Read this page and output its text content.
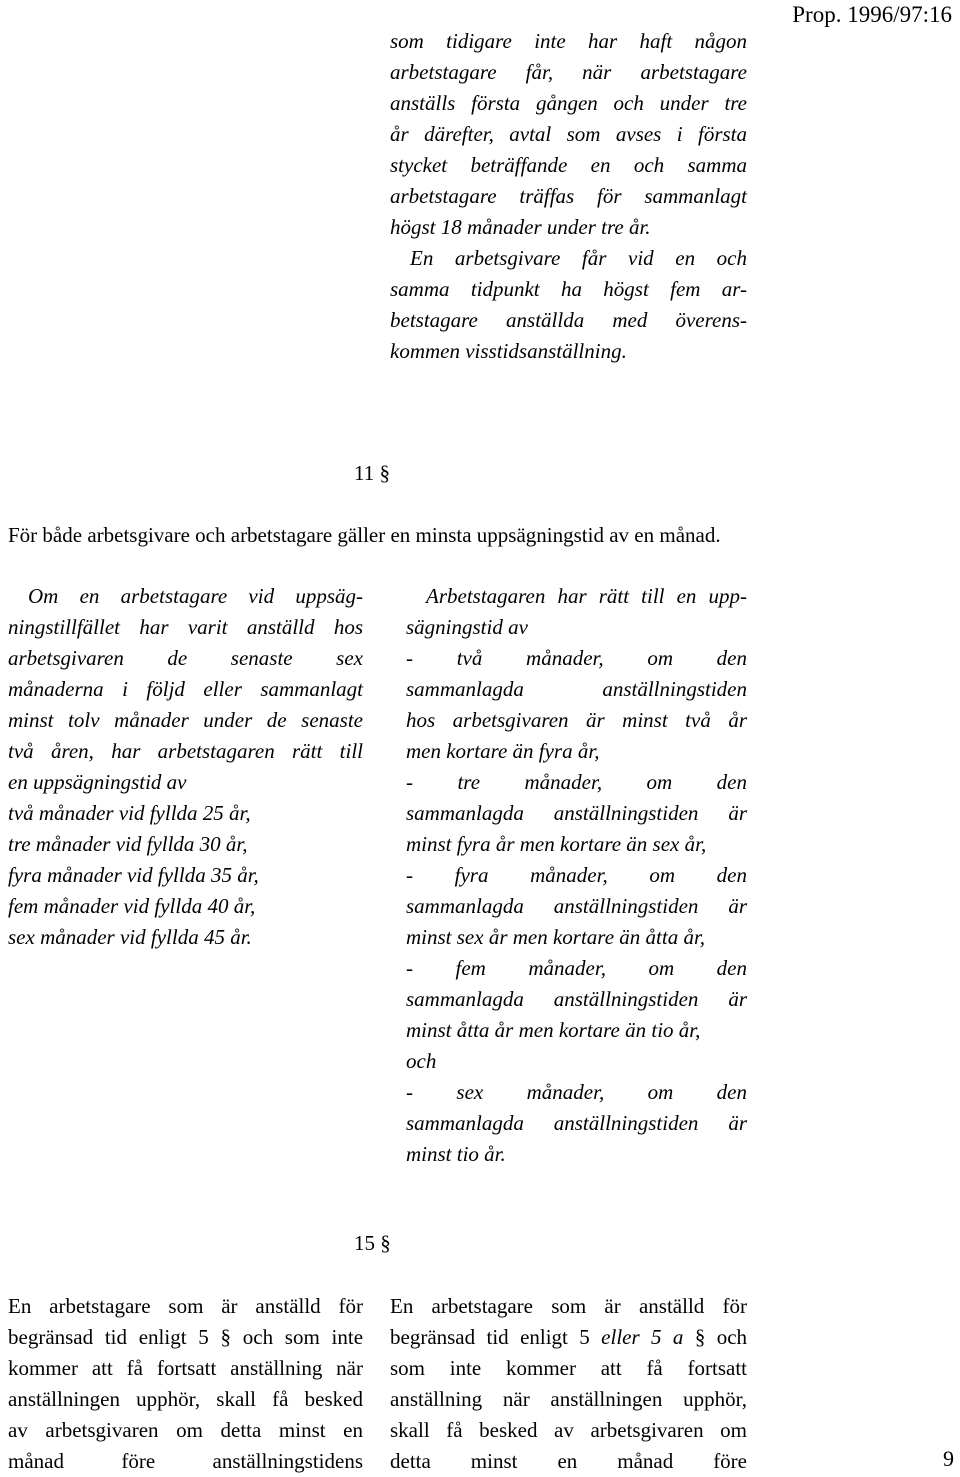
Prop. 1996/97:16

som tidigare inte har haft någon

arbetstagare får, när arbetstagare

anställs första gången och under tre

år därefter, avtal som avses i första

stycket beträffande en och samma

arbetstagare träffas för sammanlagt

högst 18 månader under tre år.

En arbetsgivare får vid en och

samma tidpunkt ha högst fem ar-

betstagare anställda med överens-

kommen visstidsanställning.

11 §
För både arbetsgivare och arbetstagare gäller en minsta uppsägningstid av en månad.

Om en arbetstagare vid uppsäg-

ningstillfället har varit anställd hos

arbetsgivaren de senaste sex

månaderna i följd eller sammanlagt

minst tolv månader under de senaste

två åren, har arbetstagaren rätt till

en uppsägningstid av

två månader vid fyllda 25 år,

tre månader vid fyllda 30 år,

fyra månader vid fyllda 35 år,

fem månader vid fyllda 40 år,

sex månader vid fyllda 45 år.

Arbetstagaren har rätt till en upp-

sägningstid av

- två månader, om den

sammanlagda anställningstiden

hos arbetsgivaren är minst två år

men kortare än fyra år,

- tre månader, om den

sammanlagda anställningstiden är

minst fyra år men kortare än sex år,

- fyra månader, om den

sammanlagda anställningstiden är

minst sex år men kortare än åtta år,

- fem månader, om den

sammanlagda anställningstiden är

minst åtta år men kortare än tio år,

och

- sex månader, om den

sammanlagda anställningstiden är

minst tio år.

15 §

En arbetstagare som är anställd för

begränsad tid enligt 5 § och som inte

kommer att få fortsatt anställning när

anställningen upphör, skall få besked

av arbetsgivaren om detta minst en

månad före anställningstidens

En arbetstagare som är anställd för

begränsad tid enligt 5 eller 5 a § och

som inte kommer att få fortsatt

anställning när anställningen upphör,

skall få besked av arbetsgivaren om

detta minst en månad före	9
